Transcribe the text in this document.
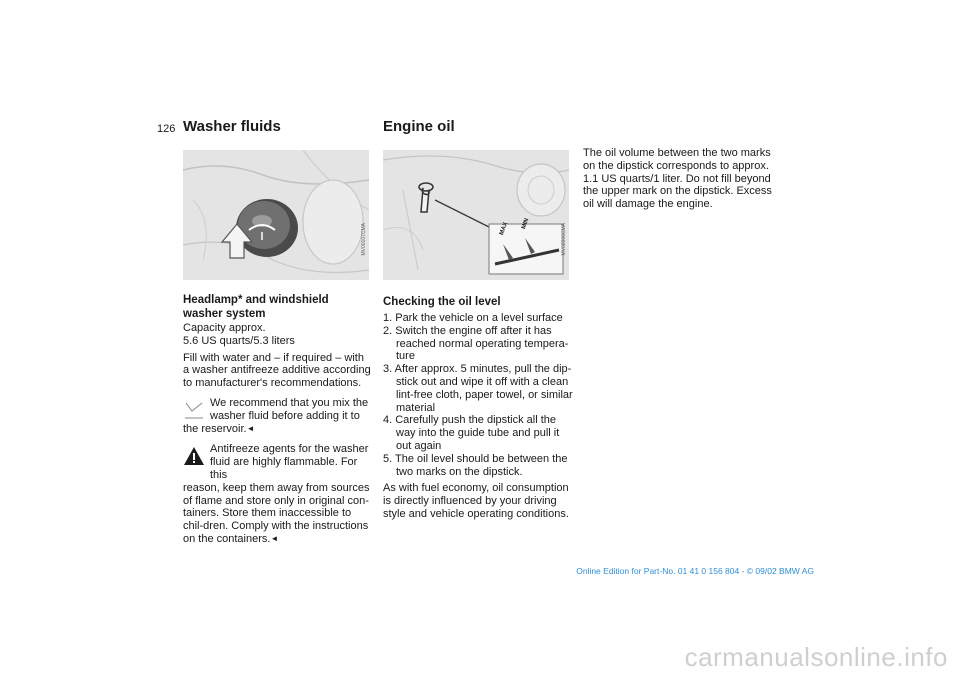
126 Washer fluids	Engine oil
MV00107CMA	MAX MIN	MV02800CMA
Headlamp* and windshield washer system
Capacity approx.

5.6 US quarts/5.3 liters

Fill with water and – if required – with a washer antifreeze additive according to manufacturer's recommendations.

We recommend that you mix the washer fluid before adding it to
the reservoir.◄
Antifreeze agents for the washer fluid are highly flammable. For this
reason, keep them away from sources of flame and store only in original con-tainers. Store them inaccessible to chil-dren. Comply with the instructions on the containers.◄
Checking the oil level
1. Park the vehicle on a level surface
2. Switch the engine off after it has reached normal operating tempera-ture
3. After approx. 5 minutes, pull the dip-stick out and wipe it off with a clean lint-free cloth, paper towel, or similar material
4. Carefully push the dipstick all the way into the guide tube and pull it out again
5. The oil level should be between the two marks on the dipstick.

As with fuel economy, oil consumption is directly influenced by your driving style and vehicle operating conditions.

The oil volume between the two marks on the dipstick corresponds to approx. 1.1 US quarts/1 liter. Do not fill beyond the upper mark on the dipstick. Excess oil will damage the engine.

Online Edition for Part-No. 01 41 0 156 804 - © 09/02 BMW AG
carmanualsonline.info
